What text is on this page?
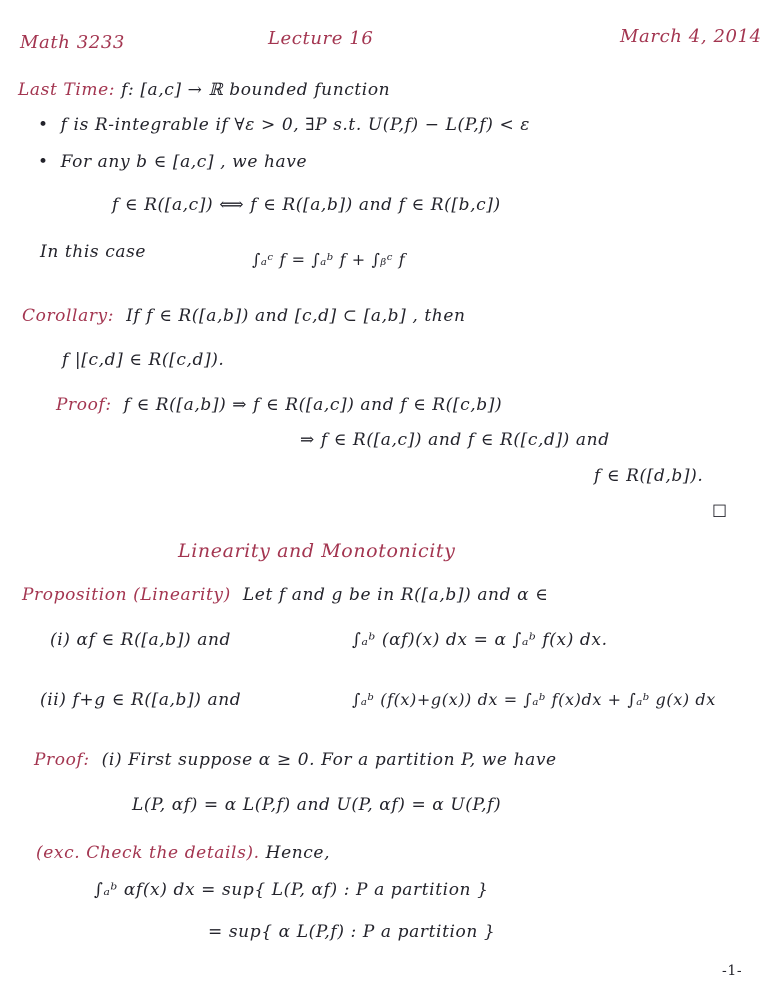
Math 3233	Lecture 16	March 4, 2014
Last Time: f: [a,c] → ℝ bounded function
•  f is R-integrable if ∀ε > 0, ∃P s.t. U(P,f) − L(P,f) < ε
•  For any b ∈ [a,c] , we have
f ∈ R([a,c]) ⟺ f ∈ R([a,b]) and f ∈ R([b,c])
In this case	∫ₐᶜ f = ∫ₐᵇ f + ∫ᵦᶜ f
Corollary: If f ∈ R([a,b]) and [c,d] ⊂ [a,b] , then
f |[c,d] ∈ R([c,d]).
Proof: f ∈ R([a,b]) ⇒ f ∈ R([a,c]) and f ∈ R([c,b])
⇒ f ∈ R([a,c]) and f ∈ R([c,d]) and
f ∈ R([d,b]).
□
Linearity and Monotonicity
Proposition (Linearity) Let f and g be in R([a,b]) and α ∈
(i) αf ∈ R([a,b]) and	∫ₐᵇ (αf)(x) dx = α ∫ₐᵇ f(x) dx.
(ii) f+g ∈ R([a,b]) and	∫ₐᵇ (f(x)+g(x)) dx = ∫ₐᵇ f(x)dx + ∫ₐᵇ g(x) dx
Proof: (i) First suppose α ≥ 0. For a partition P, we have
L(P, αf) = α L(P,f) and U(P, αf) = α U(P,f)
(exc. Check the details). Hence,
∫ₐᵇ αf(x) dx = sup{ L(P, αf) : P a partition }
= sup{ α L(P,f) : P a partition }
-1-
